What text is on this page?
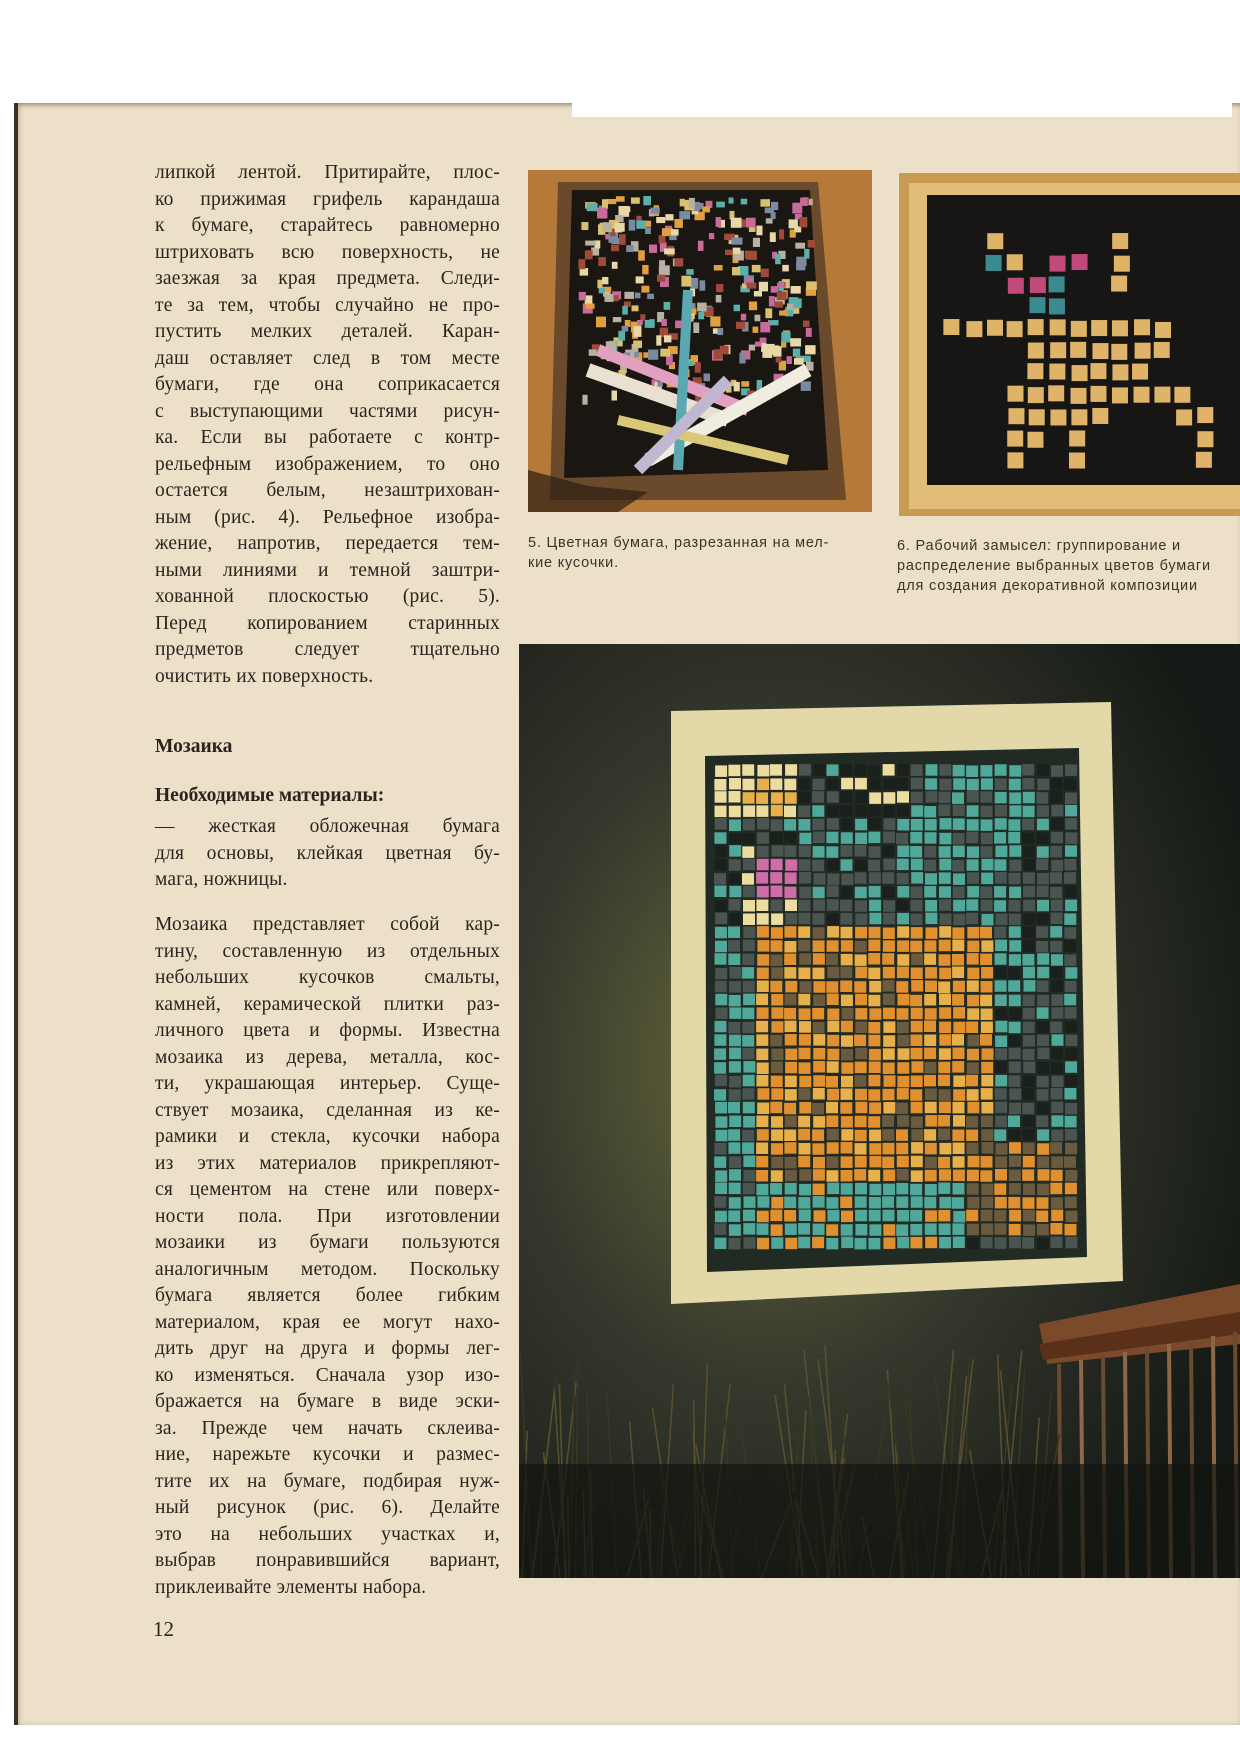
липкой лентой. Притирайте, плос-

ко прижимая грифель карандаша

к бумаге, старайтесь равномерно

штриховать всю поверхность, не

заезжая за края предмета. Следи-

те за тем, чтобы случайно не про-

пустить мелких деталей. Каран-

даш оставляет след в том месте

бумаги, где она соприкасается

с выступающими частями рисун-

ка. Если вы работаете с контр-

рельефным изображением, то оно

остается белым, незаштрихован-

ным (рис. 4). Рельефное изобра-

жение, напротив, передается тем-

ными линиями и темной заштри-

хованной плоскостью (рис. 5).

Перед копированием старинных

предметов следует тщательно

очистить их поверхность.

Мозаика
Необходимые материалы:

— жесткая обложечная бумага

для основы, клейкая цветная бу-

мага, ножницы.

Мозаика представляет собой кар-

тину, составленную из отдельных

небольших кусочков смальты,

камней, керамической плитки раз-

личного цвета и формы. Известна

мозаика из дерева, металла, кос-

ти, украшающая интерьер. Суще-

ствует мозаика, сделанная из ке-

рамики и стекла, кусочки набора

из этих материалов прикрепляют-

ся цементом на стене или поверх-

ности пола. При изготовлении

мозаики из бумаги пользуются

аналогичным методом. Поскольку

бумага является более гибким

материалом, края ее могут нахо-

дить друг на друга и формы лег-

ко изменяться. Сначала узор изо-

бражается на бумаге в виде эски-

за. Прежде чем начать склеива-

ние, нарежьте кусочки и размес-

тите их на бумаге, подбирая нуж-

ный рисунок (рис. 6). Делайте

это на небольших участках и,

выбрав понравившийся вариант,

приклеивайте элементы набора.

12

5. Цветная бумага, разрезанная на мел-

кие кусочки.

6. Рабочий замысел: группирование и

распределение выбранных цветов бумаги

для создания декоративной композиции
